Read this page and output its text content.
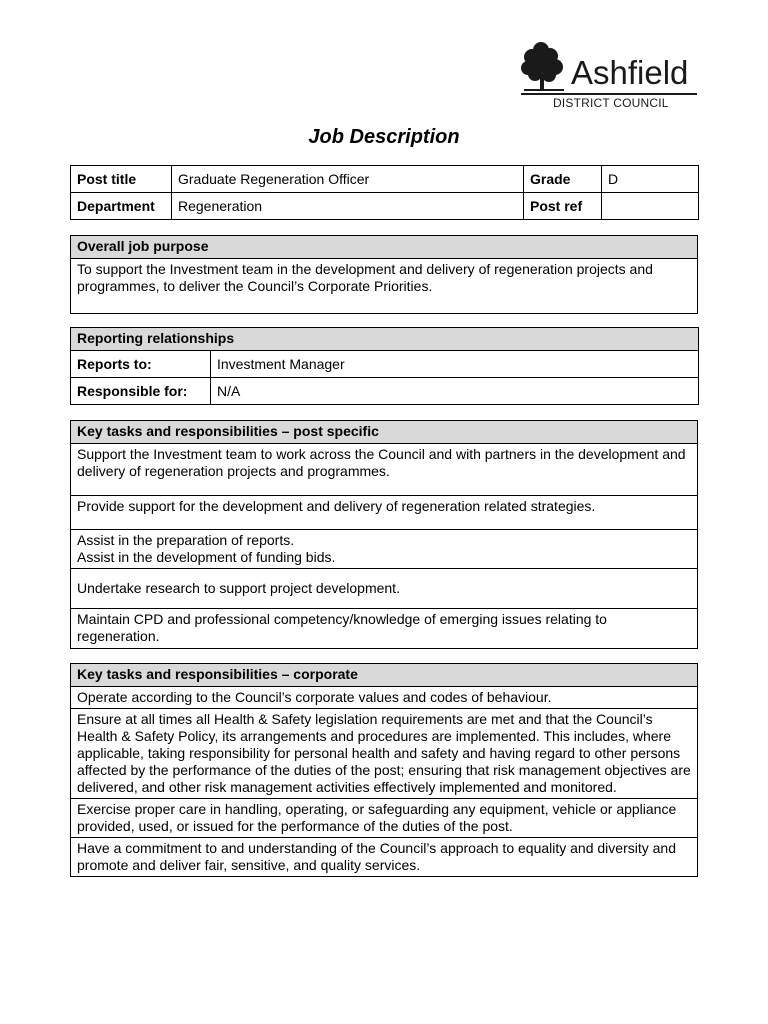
Ashfield
DISTRICT COUNCIL
Job Description
Post title	Graduate Regeneration Officer	Grade	D
Department	Regeneration	Post ref	
Overall job purpose
To support the Investment team in the development and delivery of regeneration projects and programmes, to deliver the Council’s Corporate Priorities.
Reporting relationships	
Reports to:	Investment Manager
Responsible for:	N/A
Key tasks and responsibilities – post specific
Support the Investment team to work across the Council and with partners in the development and delivery of regeneration projects and programmes.
Provide support for the development and delivery of regeneration related strategies.

Assist in the preparation of reports.
Assist in the development of funding bids.

Undertake research to support project development.
Maintain CPD and professional competency/knowledge of emerging issues relating to regeneration.
Key tasks and responsibilities – corporate
Operate according to the Council’s corporate values and codes of behaviour.
Ensure at all times all Health & Safety legislation requirements are met and that the Council’s Health & Safety Policy, its arrangements and procedures are implemented. This includes, where applicable, taking responsibility for personal health and safety and having regard to other persons affected by the performance of the duties of the post; ensuring that risk management objectives are delivered, and other risk management activities effectively implemented and monitored.
Exercise proper care in handling, operating, or safeguarding any equipment, vehicle or appliance provided, used, or issued for the performance of the duties of the post.
Have a commitment to and understanding of the Council’s approach to equality and diversity and promote and deliver fair, sensitive, and quality services.
